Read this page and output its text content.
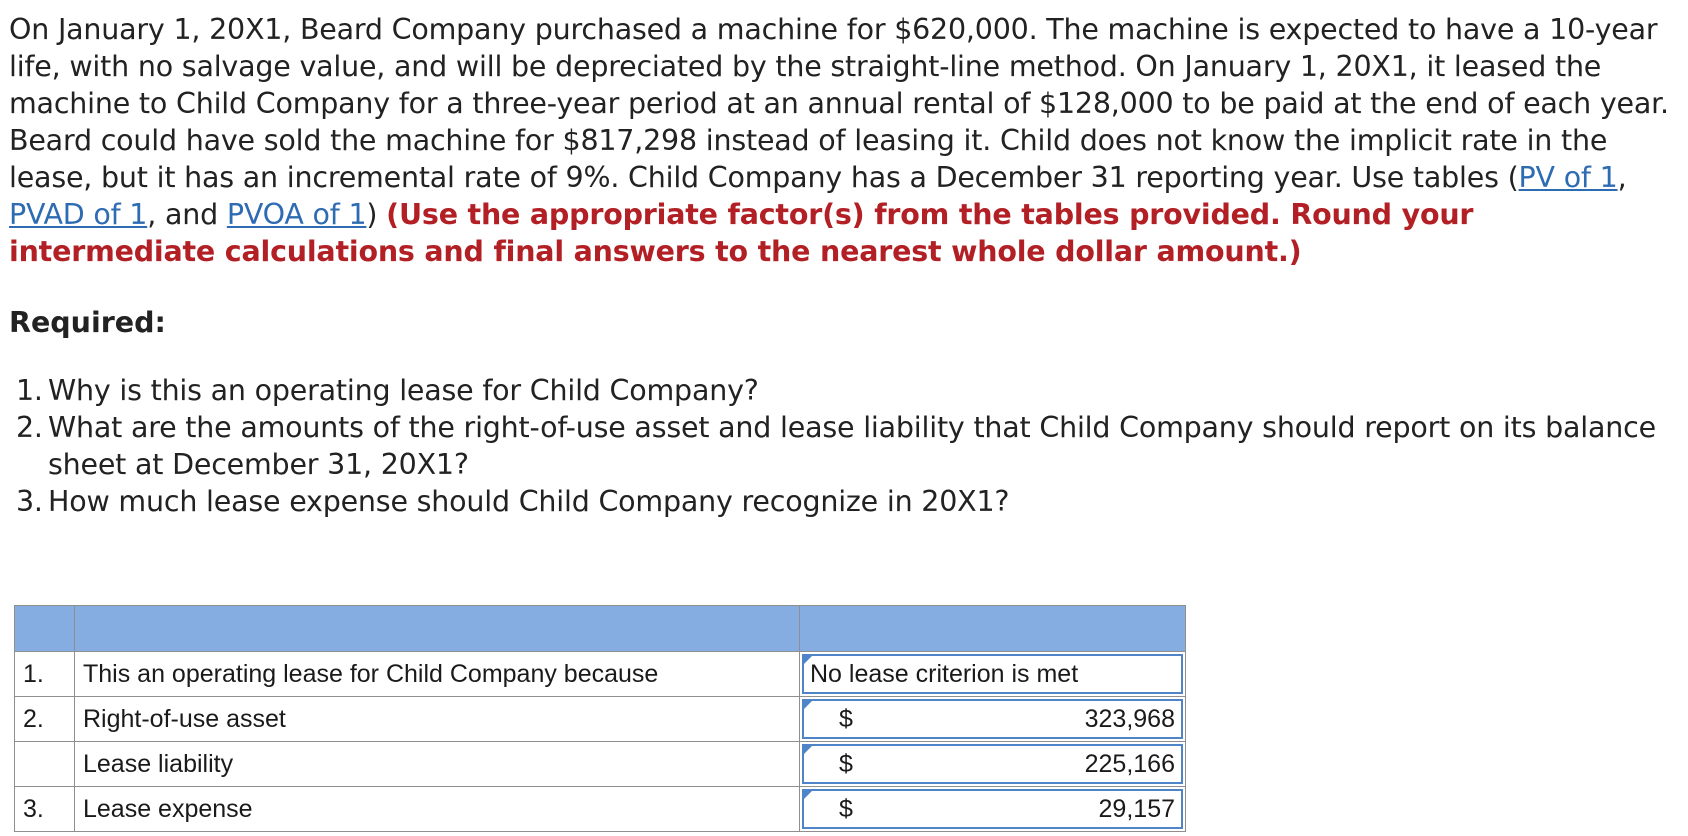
On January 1, 20X1, Beard Company purchased a machine for $620,000. The machine is expected to have a 10-year life, with no salvage value, and will be depreciated by the straight-line method. On January 1, 20X1, it leased the machine to Child Company for a three-year period at an annual rental of $128,000 to be paid at the end of each year. Beard could have sold the machine for $817,298 instead of leasing it. Child does not know the implicit rate in the lease, but it has an incremental rate of 9%. Child Company has a December 31 reporting year. Use tables (PV of 1,
PVAD of 1, and PVOA of 1) (Use the appropriate factor(s) from the tables provided. Round your intermediate calculations and final answers to the nearest whole dollar amount.)
Required:
1. Why is this an operating lease for Child Company?
2. What are the amounts of the right-of-use asset and lease liability that Child Company should report on its balance sheet at December 31, 20X1?
3. How much lease expense should Child Company recognize in 20X1?

1.	This an operating lease for Child Company because	No lease criterion is met

2.	Right-of-use asset	$ 323,968

	Lease liability	$ 225,166

3.	Lease expense	$ 29,157
